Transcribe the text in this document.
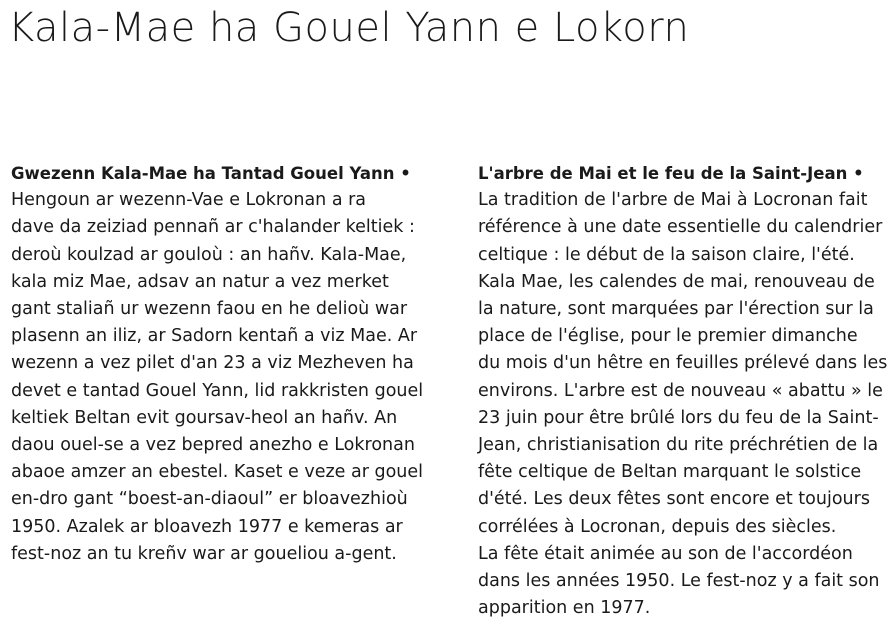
Kala-Mae ha Gouel Yann e Lokorn
Gwezenn Kala-Mae ha Tantad Gouel Yann •
Hengoun ar wezenn-Vae e Lokronan a ra
dave da zeiziad pennañ ar c'halander keltiek :
deroù koulzad ar gouloù : an hañv. Kala-Mae,
kala miz Mae, adsav an natur a vez merket
gant staliañ ur wezenn faou en he delioù war
plasenn an iliz, ar Sadorn kentañ a viz Mae. Ar
wezenn a vez pilet d'an 23 a viz Mezheven ha
devet e tantad Gouel Yann, lid rakkristen gouel
keltiek Beltan evit goursav-heol an hañv. An
daou ouel-se a vez bepred anezho e Lokronan
abaoe amzer an ebestel. Kaset e veze ar gouel
en-dro gant “boest-an-diaoul” er bloavezhioù
1950. Azalek ar bloavezh 1977 e kemeras ar
fest-noz an tu kreñv war ar goueliou a-gent.
L'arbre de Mai et le feu de la Saint-Jean •
La tradition de l'arbre de Mai à Locronan fait
référence à une date essentielle du calendrier
celtique : le début de la saison claire, l'été.
Kala Mae, les calendes de mai, renouveau de
la nature, sont marquées par l'érection sur la
place de l'église, pour le premier dimanche
du mois d'un hêtre en feuilles prélevé dans les
environs. L'arbre est de nouveau « abattu » le
23 juin pour être brûlé lors du feu de la Saint-
Jean, christianisation du rite préchrétien de la
fête celtique de Beltan marquant le solstice
d'été. Les deux fêtes sont encore et toujours
corrélées à Locronan, depuis des siècles.
La fête était animée au son de l'accordéon
dans les années 1950. Le fest-noz y a fait son
apparition en 1977.
